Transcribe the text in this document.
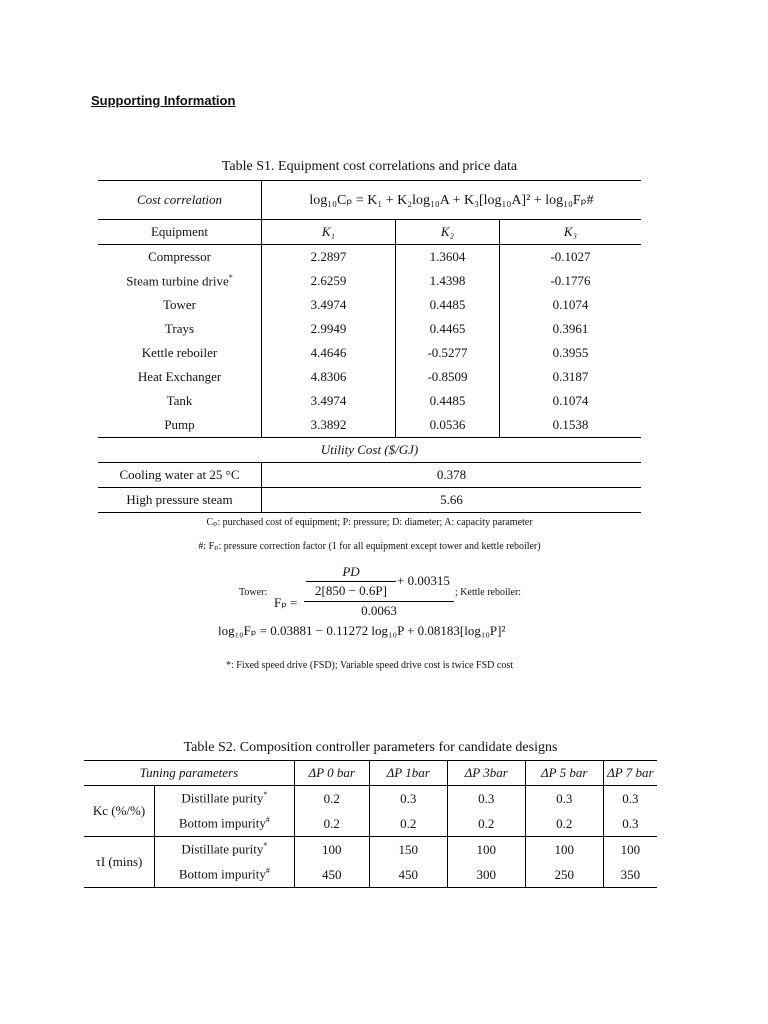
Supporting Information
Table S1. Equipment cost correlations and price data
Cost correlation	log₁₀Cₚ = K₁ + K₂log₁₀A + K₃[log₁₀A]² + log₁₀Fₚ#		
Equipment	K₁	K₂	K₃
Compressor	2.2897	1.3604	-0.1027
Steam turbine drive*	2.6259	1.4398	-0.1776
Tower	3.4974	0.4485	0.1074
Trays	2.9949	0.4465	0.3961
Kettle reboiler	4.4646	-0.5277	0.3955
Heat Exchanger	4.8306	-0.8509	0.3187
Tank	3.4974	0.4485	0.1074
Pump	3.3892	0.0536	0.1538
Utility Cost ($/GJ)			
Cooling water at 25 °C	0.378		
High pressure steam	5.66		
Cₚ: purchased cost of equipment; P: pressure; D: diameter; A: capacity parameter
#: Fₚ: pressure correction factor (1 for all equipment except tower and kettle reboiler)
Tower:
Fₚ =
PD
2[850 − 0.6P]
+ 0.00315
0.0063
; Kettle reboiler:
log₁₀Fₚ = 0.03881 − 0.11272 log₁₀P + 0.08183[log₁₀P]²
*: Fixed speed drive (FSD); Variable speed drive cost is twice FSD cost
Table S2. Composition controller parameters for candidate designs
Tuning parameters		ΔP 0 bar	ΔP 1bar	ΔP 3bar	ΔP 5 bar	ΔP 7 bar
Kc (%/%)	Distillate purity*	0.2	0.3	0.3	0.3	0.3
	Bottom impurity#	0.2	0.2	0.2	0.2	0.3
τI (mins)	Distillate purity*	100	150	100	100	100
	Bottom impurity#	450	450	300	250	350
